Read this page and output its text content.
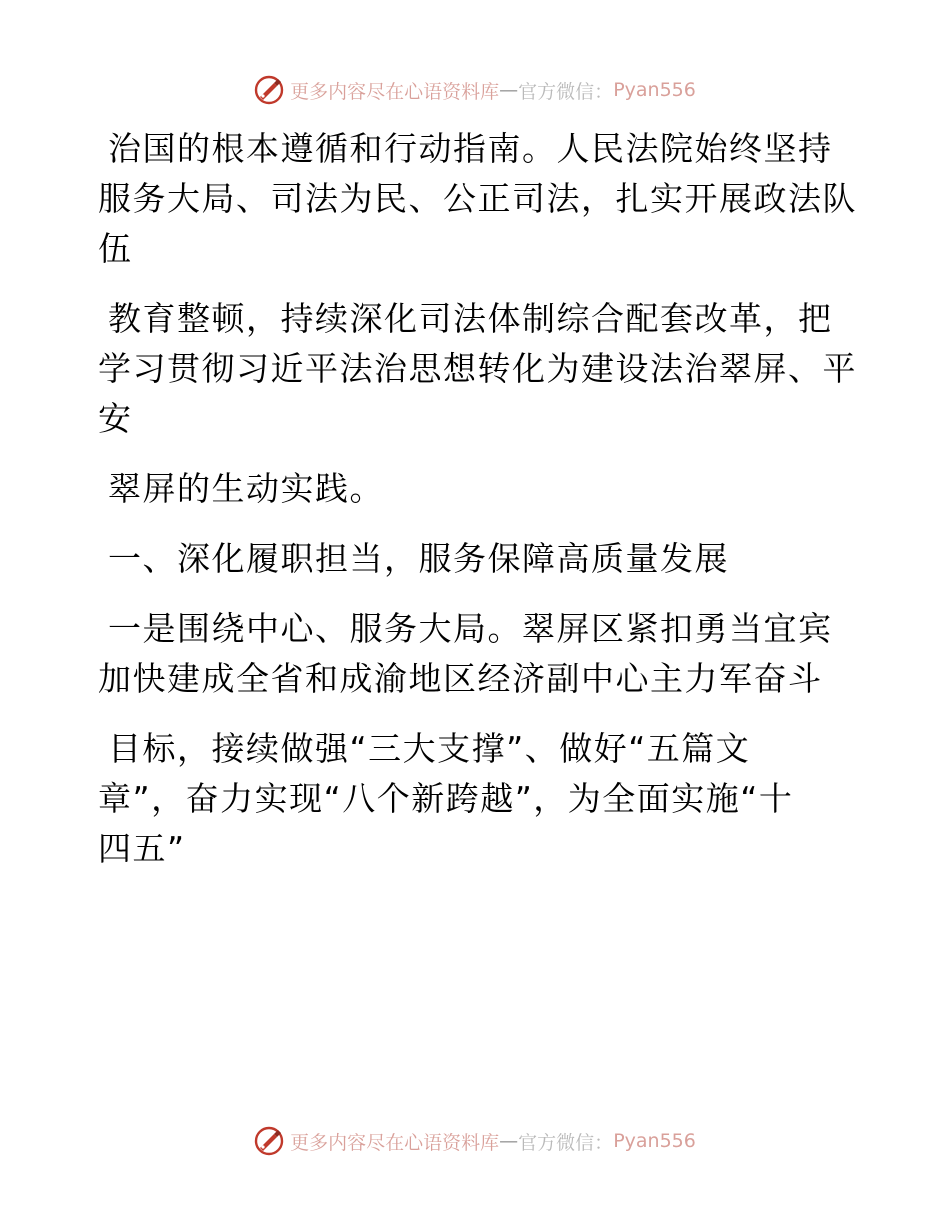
更多内容尽在心语资料库 — 官方微信： Pyan556
治国的根本遵循和行动指南。人民法院始终坚持
服务大局、司法为民、公正司法，扎实开展政法队
伍
教育整顿，持续深化司法体制综合配套改革，把
学习贯彻习近平法治思想转化为建设法治翠屏、平
安
翠屏的生动实践。
一、深化履职担当，服务保障高质量发展
一是围绕中心、服务大局。翠屏区紧扣勇当宜宾
加快建成全省和成渝地区经济副中心主力军奋斗
目标，接续做强“三大支撑”、做好“五篇文
章”，奋力实现“八个新跨越”，为全面实施“十
四五”
更多内容尽在心语资料库 — 官方微信： Pyan556
